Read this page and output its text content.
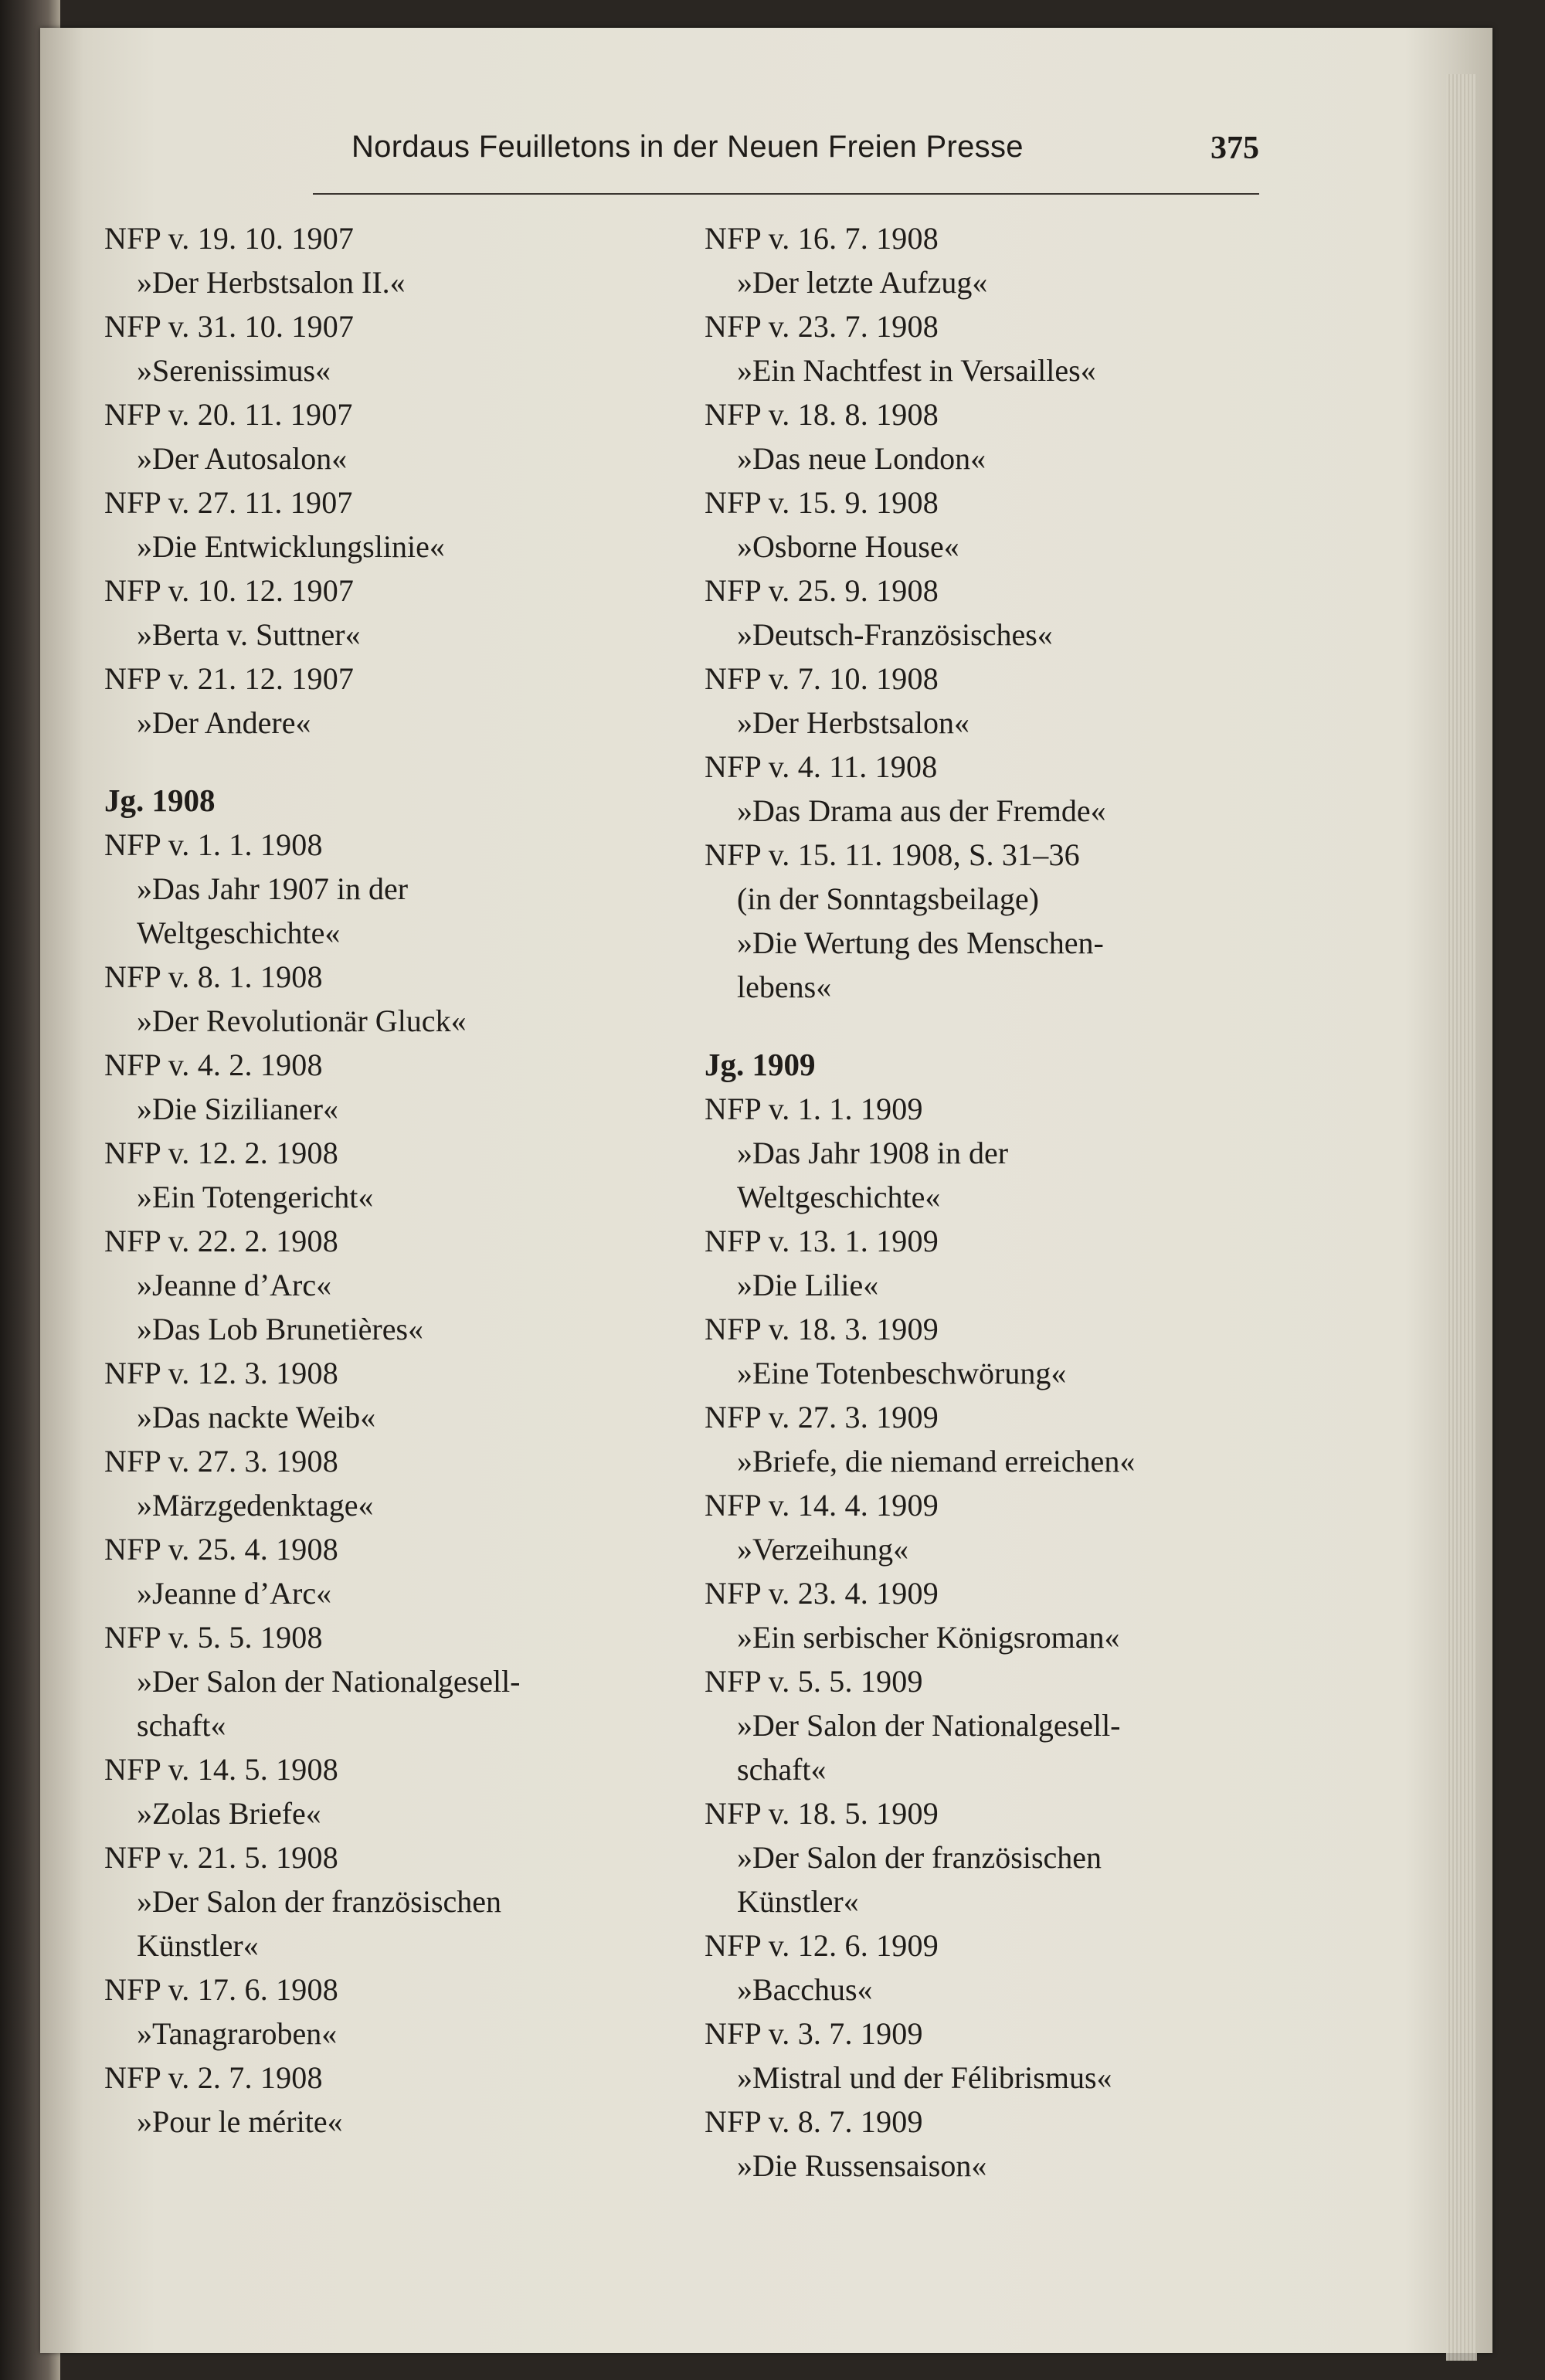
Nordaus Feuilletons in der Neuen Freien Presse	375
NFP v. 19. 10. 1907
»Der Herbstsalon II.«
NFP v. 31. 10. 1907
»Serenissimus«
NFP v. 20. 11. 1907
»Der Autosalon«
NFP v. 27. 11. 1907
»Die Entwicklungslinie«
NFP v. 10. 12. 1907
»Berta v. Suttner«
NFP v. 21. 12. 1907
»Der Andere«
Jg. 1908
NFP v. 1. 1. 1908
»Das Jahr 1907 in der
Weltgeschichte«
NFP v. 8. 1. 1908
»Der Revolutionär Gluck«
NFP v. 4. 2. 1908
»Die Sizilianer«
NFP v. 12. 2. 1908
»Ein Totengericht«
NFP v. 22. 2. 1908
»Jeanne d’Arc«
»Das Lob Brunetières«
NFP v. 12. 3. 1908
»Das nackte Weib«
NFP v. 27. 3. 1908
»Märzgedenktage«
NFP v. 25. 4. 1908
»Jeanne d’Arc«
NFP v. 5. 5. 1908
»Der Salon der Nationalgesell-
schaft«
NFP v. 14. 5. 1908
»Zolas Briefe«
NFP v. 21. 5. 1908
»Der Salon der französischen
Künstler«
NFP v. 17. 6. 1908
»Tanagraroben«
NFP v. 2. 7. 1908
»Pour le mérite«
NFP v. 16. 7. 1908
»Der letzte Aufzug«
NFP v. 23. 7. 1908
»Ein Nachtfest in Versailles«
NFP v. 18. 8. 1908
»Das neue London«
NFP v. 15. 9. 1908
»Osborne House«
NFP v. 25. 9. 1908
»Deutsch-Französisches«
NFP v. 7. 10. 1908
»Der Herbstsalon«
NFP v. 4. 11. 1908
»Das Drama aus der Fremde«
NFP v. 15. 11. 1908, S. 31–36
(in der Sonntagsbeilage)
»Die Wertung des Menschen-
lebens«
Jg. 1909
NFP v. 1. 1. 1909
»Das Jahr 1908 in der
Weltgeschichte«
NFP v. 13. 1. 1909
»Die Lilie«
NFP v. 18. 3. 1909
»Eine Totenbeschwörung«
NFP v. 27. 3. 1909
»Briefe, die niemand erreichen«
NFP v. 14. 4. 1909
»Verzeihung«
NFP v. 23. 4. 1909
»Ein serbischer Königsroman«
NFP v. 5. 5. 1909
»Der Salon der Nationalgesell-
schaft«
NFP v. 18. 5. 1909
»Der Salon der französischen
Künstler«
NFP v. 12. 6. 1909
»Bacchus«
NFP v. 3. 7. 1909
»Mistral und der Félibrismus«
NFP v. 8. 7. 1909
»Die Russensaison«
